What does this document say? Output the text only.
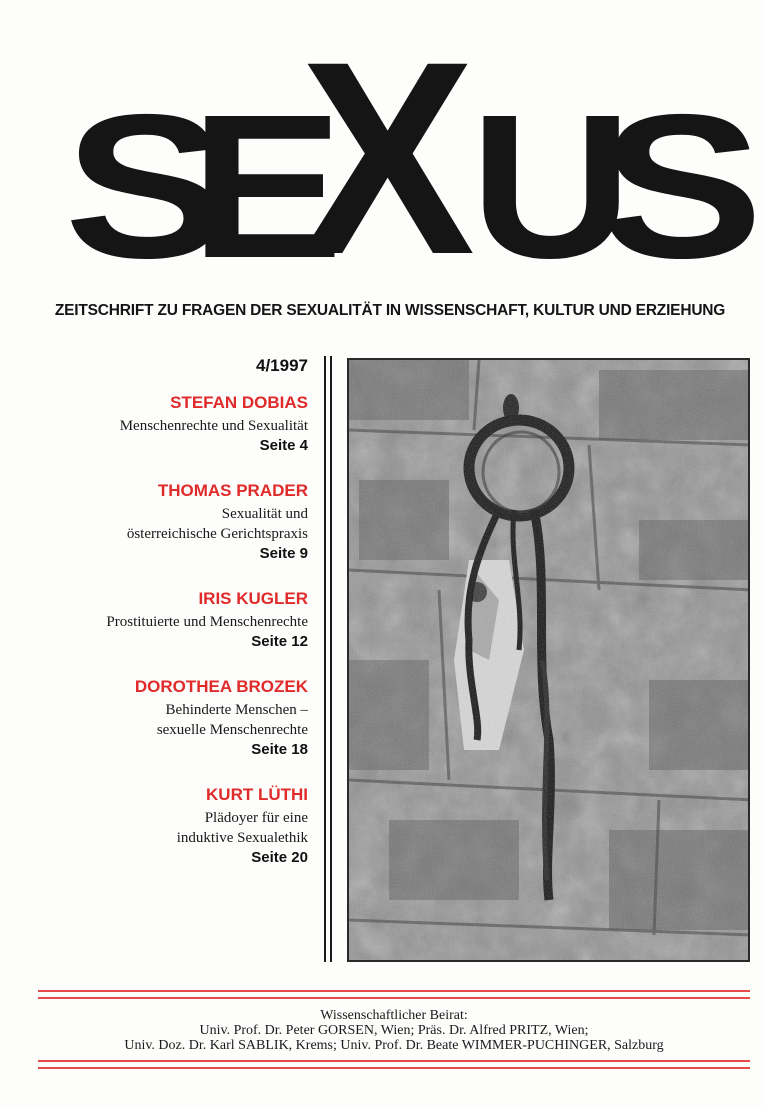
S
E
X
U
S
ZEITSCHRIFT ZU FRAGEN DER SEXUALITÄT IN WISSENSCHAFT, KULTUR UND ERZIEHUNG
4/1997
STEFAN DOBIAS
Menschenrechte und Sexualität
Seite 4
THOMAS PRADER
Sexualität und
österreichische Gerichtspraxis
Seite 9
IRIS KUGLER
Prostituierte und Menschenrechte
Seite 12
DOROTHEA BROZEK
Behinderte Menschen –
sexuelle Menschenrechte
Seite 18
KURT LÜTHI
Plädoyer für eine
induktive Sexualethik
Seite 20
Wissenschaftlicher Beirat:
Univ. Prof. Dr. Peter GORSEN, Wien; Präs. Dr. Alfred PRITZ, Wien;
Univ. Doz. Dr. Karl SABLIK, Krems; Univ. Prof. Dr. Beate WIMMER-PUCHINGER, Salzburg
